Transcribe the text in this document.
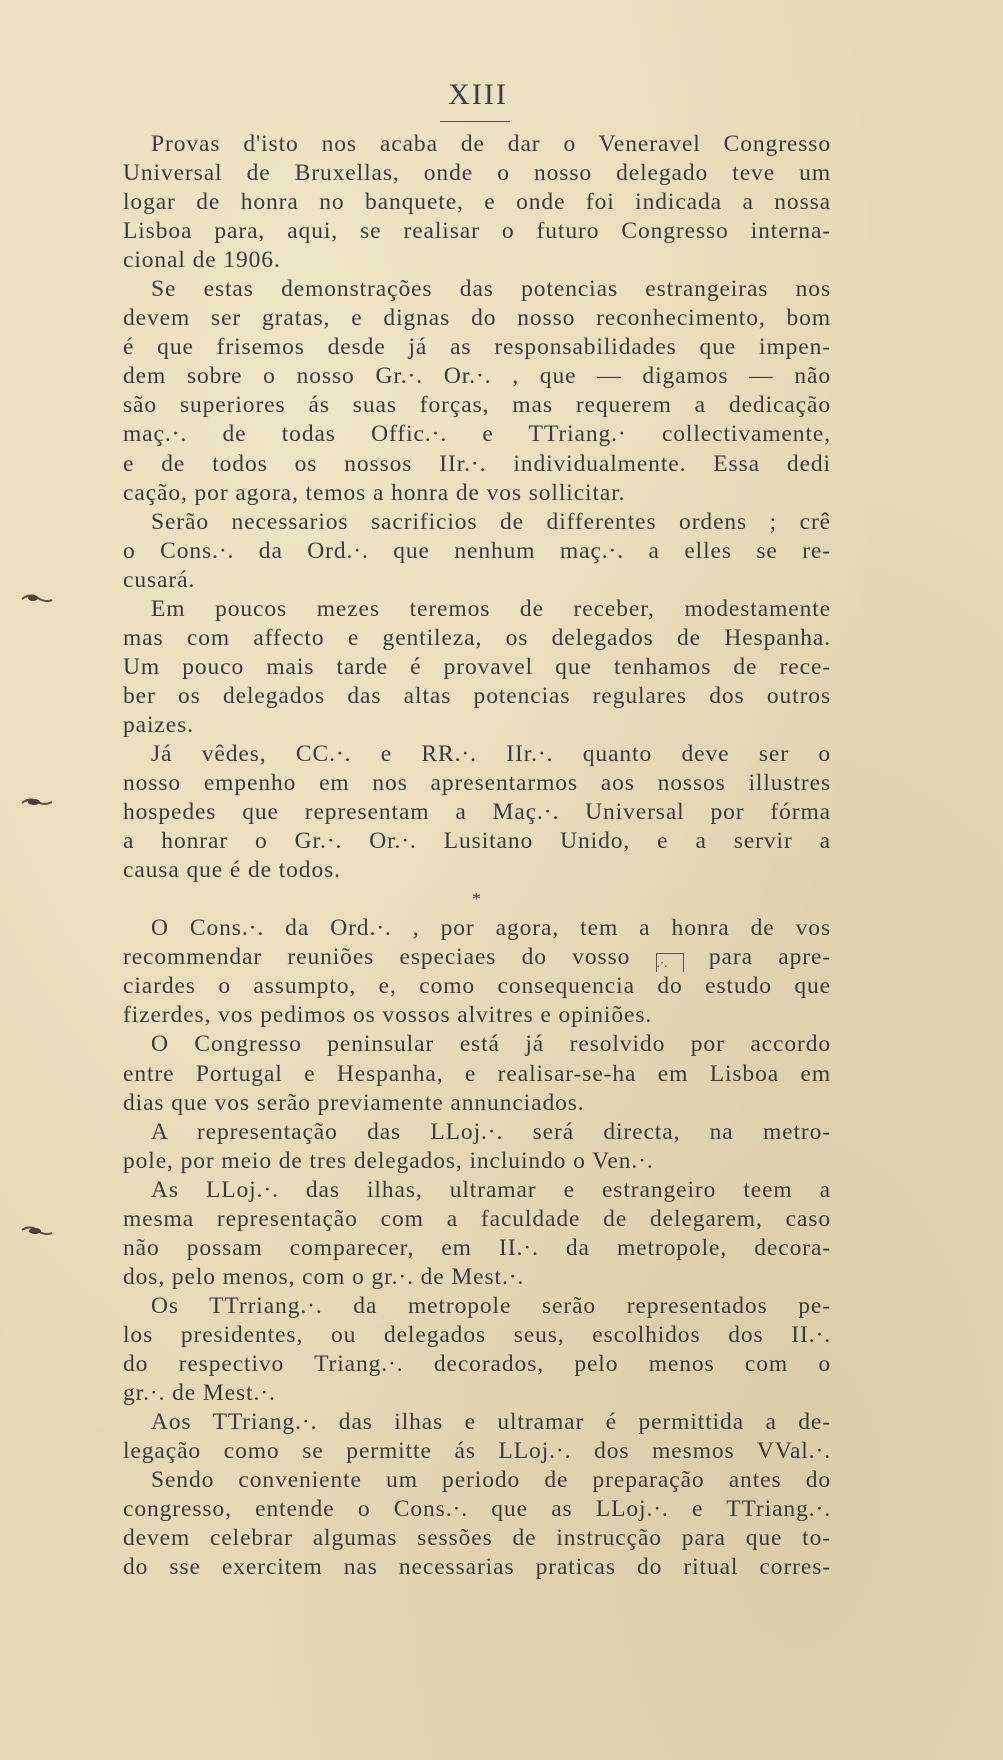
XIII
Provas d'isto nos acaba de dar o Veneravel Congresso
Universal de Bruxellas, onde o nosso delegado teve um
logar de honra no banquete, e onde foi indicada a nossa
Lisboa para, aqui, se realisar o futuro Congresso interna-
cional de 1906.
Se estas demonstrações das potencias estrangeiras nos
devem ser gratas, e dignas do nosso reconhecimento, bom
é que frisemos desde já as responsabilidades que impen-
dem sobre o nosso Gr.·. Or.·. , que — digamos — não
são superiores ás suas forças, mas requerem a dedicação
maç.·. de todas Offic.·. e TTriang.· collectivamente,
e de todos os nossos IIr.·. individualmente. Essa dedi
cação, por agora, temos a honra de vos sollicitar.
Serão necessarios sacrificios de differentes ordens ; crê
o Cons.·. da Ord.·. que nenhum maç.·. a elles se re-
cusará.
Em poucos mezes teremos de receber, modestamente
mas com affecto e gentileza, os delegados de Hespanha.
Um pouco mais tarde é provavel que tenhamos de rece-
ber os delegados das altas potencias regulares dos outros
paizes.
Já vêdes, CC.·. e RR.·. IIr.·. quanto deve ser o
nosso empenho em nos apresentarmos aos nossos illustres
hospedes que representam a Maç.·. Universal por fórma
a honrar o Gr.·. Or.·. Lusitano Unido, e a servir a
causa que é de todos.
*
O Cons.·. da Ord.·. , por agora, tem a honra de vos
recommendar reuniões especiaes do vosso .·. para apre-
ciardes o assumpto, e, como consequencia do estudo que
fizerdes, vos pedimos os vossos alvitres e opiniões.
O Congresso peninsular está já resolvido por accordo
entre Portugal e Hespanha, e realisar-se-ha em Lisboa em
dias que vos serão previamente annunciados.
A representação das LLoj.·. será directa, na metro-
pole, por meio de tres delegados, incluindo o Ven.·.
As LLoj.·. das ilhas, ultramar e estrangeiro teem a
mesma representação com a faculdade de delegarem, caso
não possam comparecer, em II.·. da metropole, decora-
dos, pelo menos, com o gr.·. de Mest.·.
Os TTrriang.·. da metropole serão representados pe-
los presidentes, ou delegados seus, escolhidos dos II.·.
do respectivo Triang.·. decorados, pelo menos com o
gr.·. de Mest.·.
Aos TTriang.·. das ilhas e ultramar é permittida a de-
legação como se permitte ás LLoj.·. dos mesmos VVal.·.
Sendo conveniente um periodo de preparação antes do
congresso, entende o Cons.·. que as LLoj.·. e TTriang.·.
devem celebrar algumas sessões de instrucção para que to-
do sse exercitem nas necessarias praticas do ritual corres-
